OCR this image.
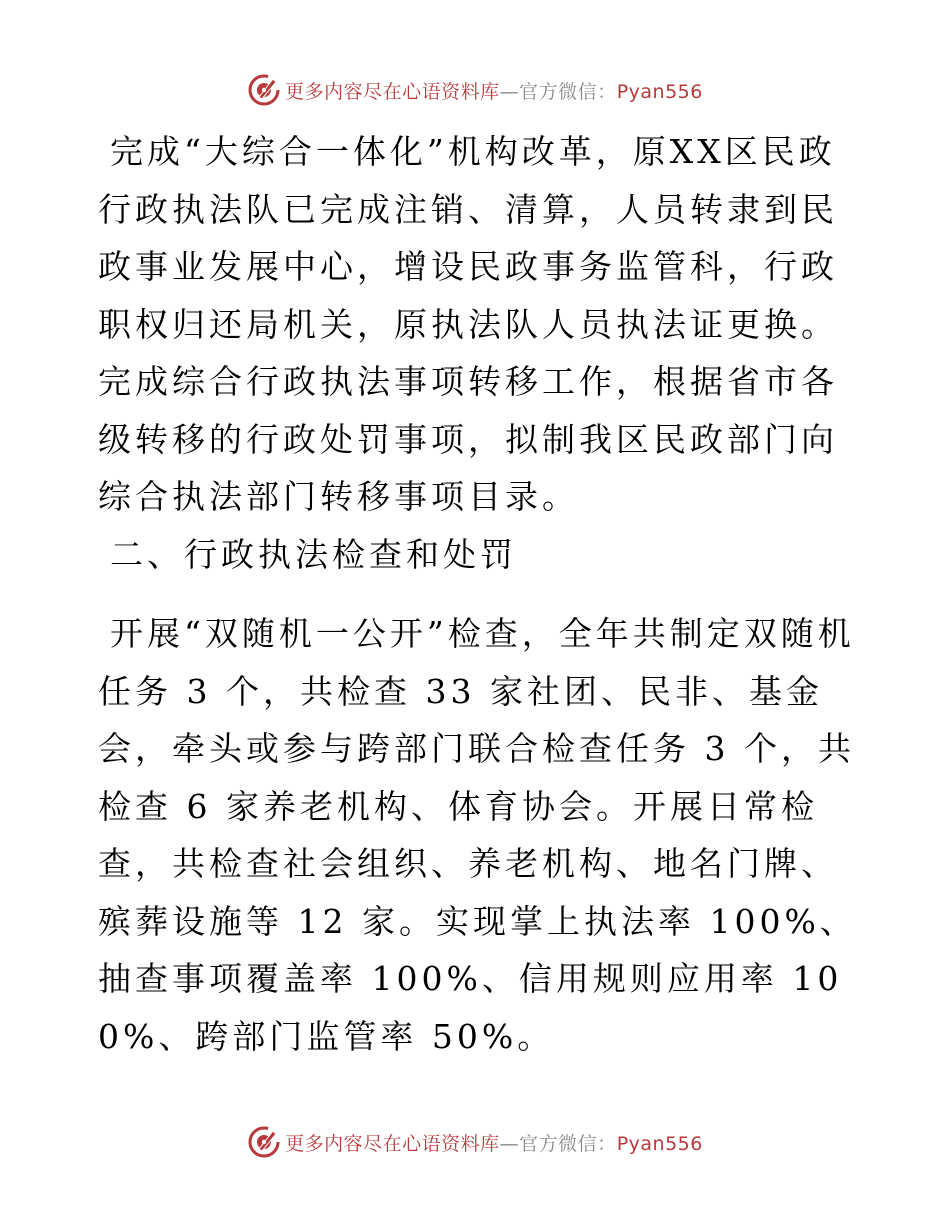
更多内容尽在心语资料库—官方微信：Pyan556

完成“大综合一体化”机构改革，原XX区民政行政执法队已完成注销、清算，人员转隶到民政事业发展中心，增设民政事务监管科，行政职权归还局机关，原执法队人员执法证更换。完成综合行政执法事项转移工作，根据省市各级转移的行政处罚事项，拟制我区民政部门向综合执法部门转移事项目录。

二、行政执法检查和处罚

开展“双随机一公开”检查，全年共制定双随机任务 3 个，共检查 33 家社团、民非、基金会，牵头或参与跨部门联合检查任务 3 个，共检查 6 家养老机构、体育协会。开展日常检查，共检查社会组织、养老机构、地名门牌、殡葬设施等 12 家。实现掌上执法率 100%、抽查事项覆盖率 100%、信用规则应用率 100%、跨部门监管率 50%。

更多内容尽在心语资料库—官方微信：Pyan556
